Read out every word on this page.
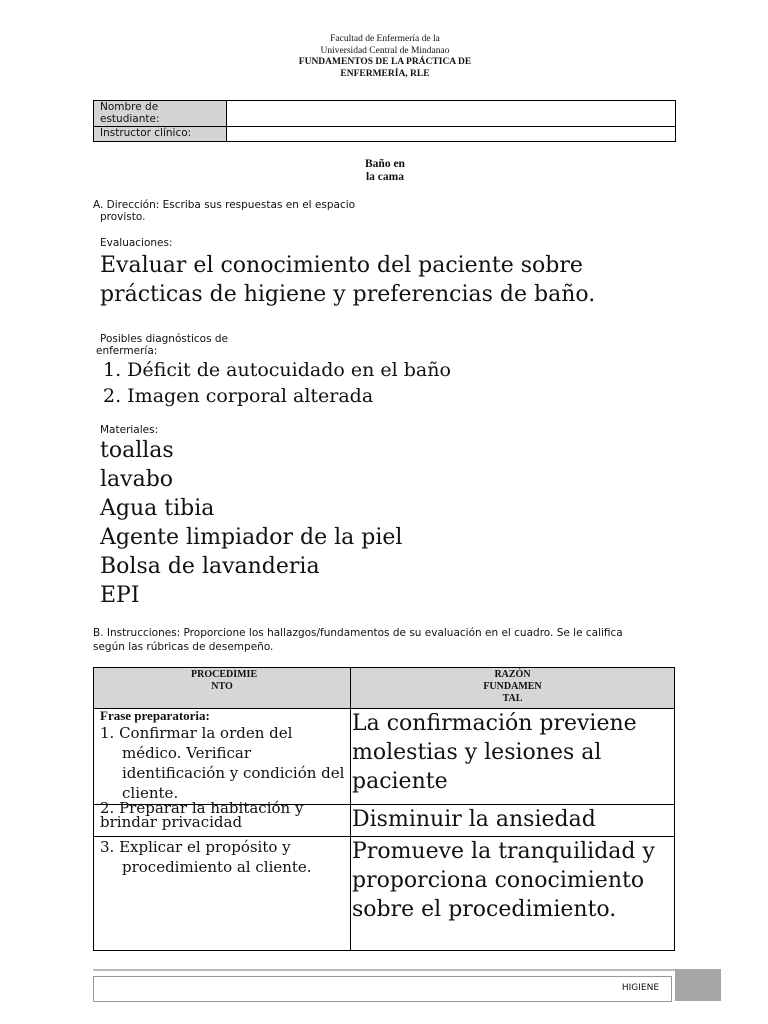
Facultad de Enfermería de la
Universidad Central de Mindanao
FUNDAMENTOS DE LA PRÁCTICA DE
ENFERMERÍA, RLE
Nombre de estudiante:	
Instructor clínico:	
Baño en
la cama
A. Dirección: Escriba sus respuestas en el espacio
provisto.
Evaluaciones:
Evaluar el conocimiento del paciente sobre
prácticas de higiene y preferencias de baño.
Posibles diagnósticos de
enfermería:
1. Déficit de autocuidado en el baño
2. Imagen corporal alterada
Materiales:
toallas
lavabo
Agua tibia
Agente limpiador de la piel
Bolsa de lavanderia
EPI
B. Instrucciones: Proporcione los hallazgos/fundamentos de su evaluación en el cuadro. Se le califica
según las rúbricas de desempeño.
PROCEDIMIE NTO	RAZÓN FUNDAMEN TAL

Frase preparatoria:
1. Confirmar la orden del médico. Verificar identificación y condición del cliente.	La confirmación previene molestias y lesiones al paciente

2. Preparar la habitación y brindar privacidad	Disminuir la ansiedad

3. Explicar el propósito y procedimiento al cliente.	Promueve la tranquilidad y proporciona conocimiento sobre el procedimiento.
HIGIENE
